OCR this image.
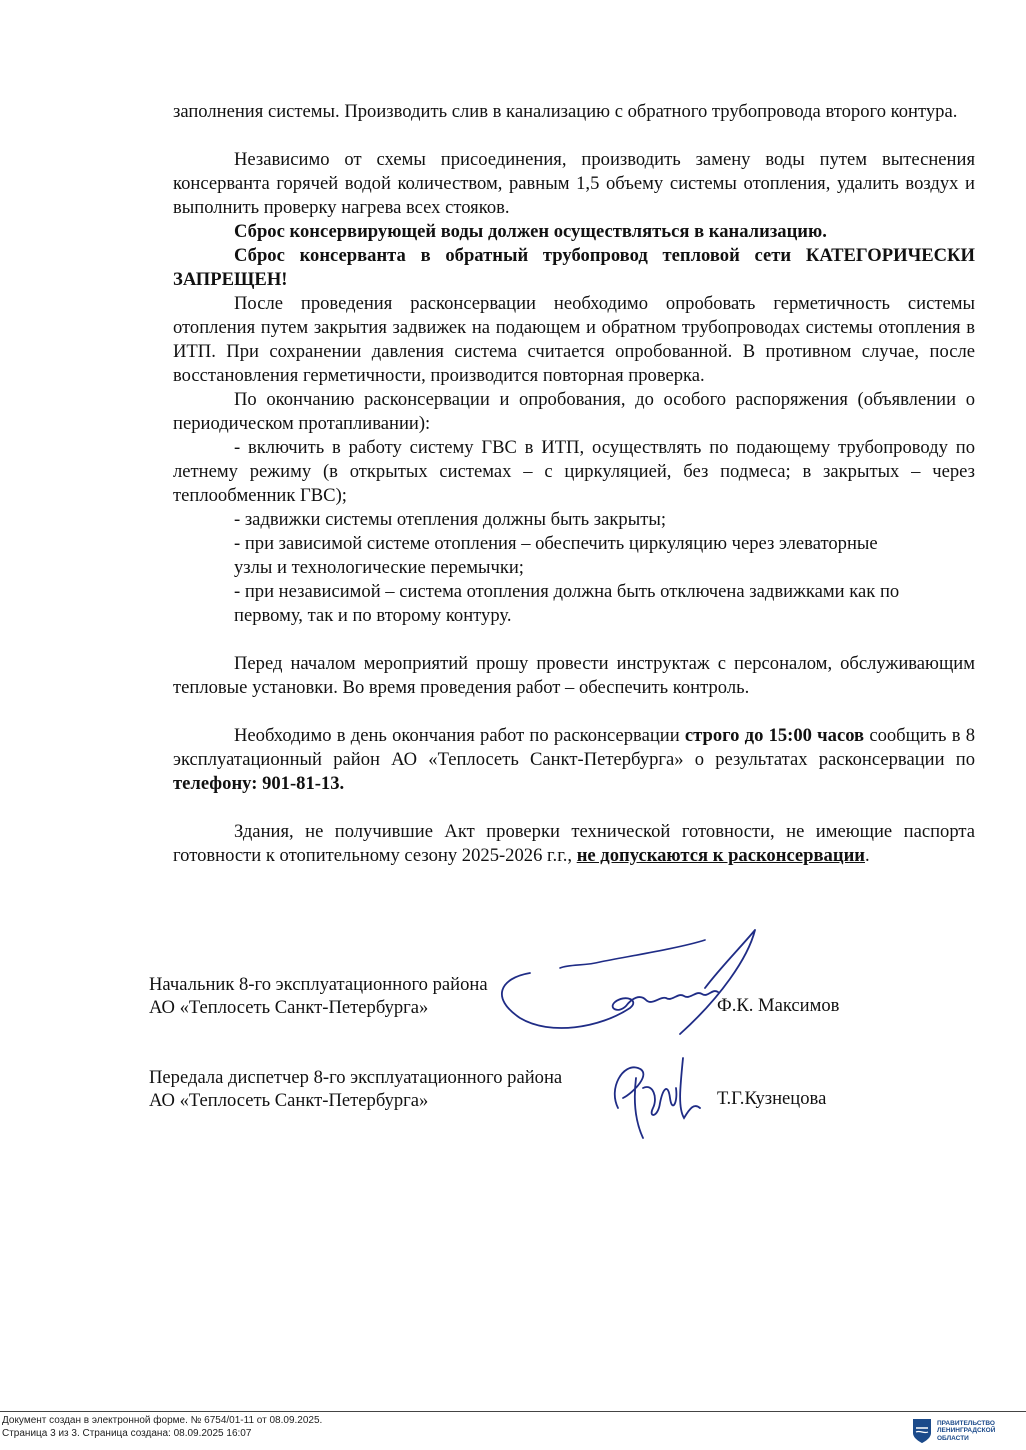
заполнения системы. Производить слив в канализацию с обратного трубопровода второго контура.

Независимо от схемы присоединения, производить замену воды путем вытеснения консерванта горячей водой количеством, равным 1,5 объему системы отопления, удалить воздух и выполнить проверку нагрева всех стояков.

Сброс консервирующей воды должен осуществляться в канализацию.

Сброс консерванта в обратный трубопровод тепловой сети КАТЕГОРИЧЕСКИ ЗАПРЕЩЕН!

После проведения расконсервации необходимо опробовать герметичность системы отопления путем закрытия задвижек на подающем и обратном трубопроводах системы отопления в ИТП. При сохранении давления система считается опробованной. В противном случае, после восстановления герметичности, производится повторная проверка.

По окончанию расконсервации и опробования, до особого распоряжения (объявлении о периодическом протапливании):

- включить в работу систему ГВС в ИТП, осуществлять по подающему трубопроводу по летнему режиму (в открытых системах – с циркуляцией, без подмеса; в закрытых – через теплообменник ГВС);

- задвижки системы отепления должны быть закрыты;

- при зависимой системе отопления – обеспечить циркуляцию через элеваторные

узлы и технологические перемычки;

- при независимой – система отопления должна быть отключена задвижками как по

первому, так и по второму контуру.

Перед началом мероприятий прошу провести инструктаж с персоналом, обслуживающим тепловые установки. Во время проведения работ – обеспечить контроль.

Необходимо в день окончания работ по расконсервации строго до 15:00 часов сообщить в 8 эксплуатационный район АО «Теплосеть Санкт-Петербурга» о результатах расконсервации по телефону: 901-81-13.

Здания, не получившие Акт проверки технической готовности, не имеющие паспорта готовности к отопительному сезону 2025-2026 г.г., не допускаются к расконсервации.

Начальник 8-го эксплуатационного района
АО «Теплосеть Санкт-Петербурга»	Ф.К. Максимов
Передала диспетчер 8-го эксплуатационного района
АО «Теплосеть Санкт-Петербурга»	Т.Г.Кузнецова
Документ создан в электронной форме. № 6754/01-11 от 08.09.2025.
Страница 3 из 3. Страница создана: 08.09.2025 16:07
ПРАВИТЕЛЬСТВО
ЛЕНИНГРАДСКОЙ
ОБЛАСТИ
